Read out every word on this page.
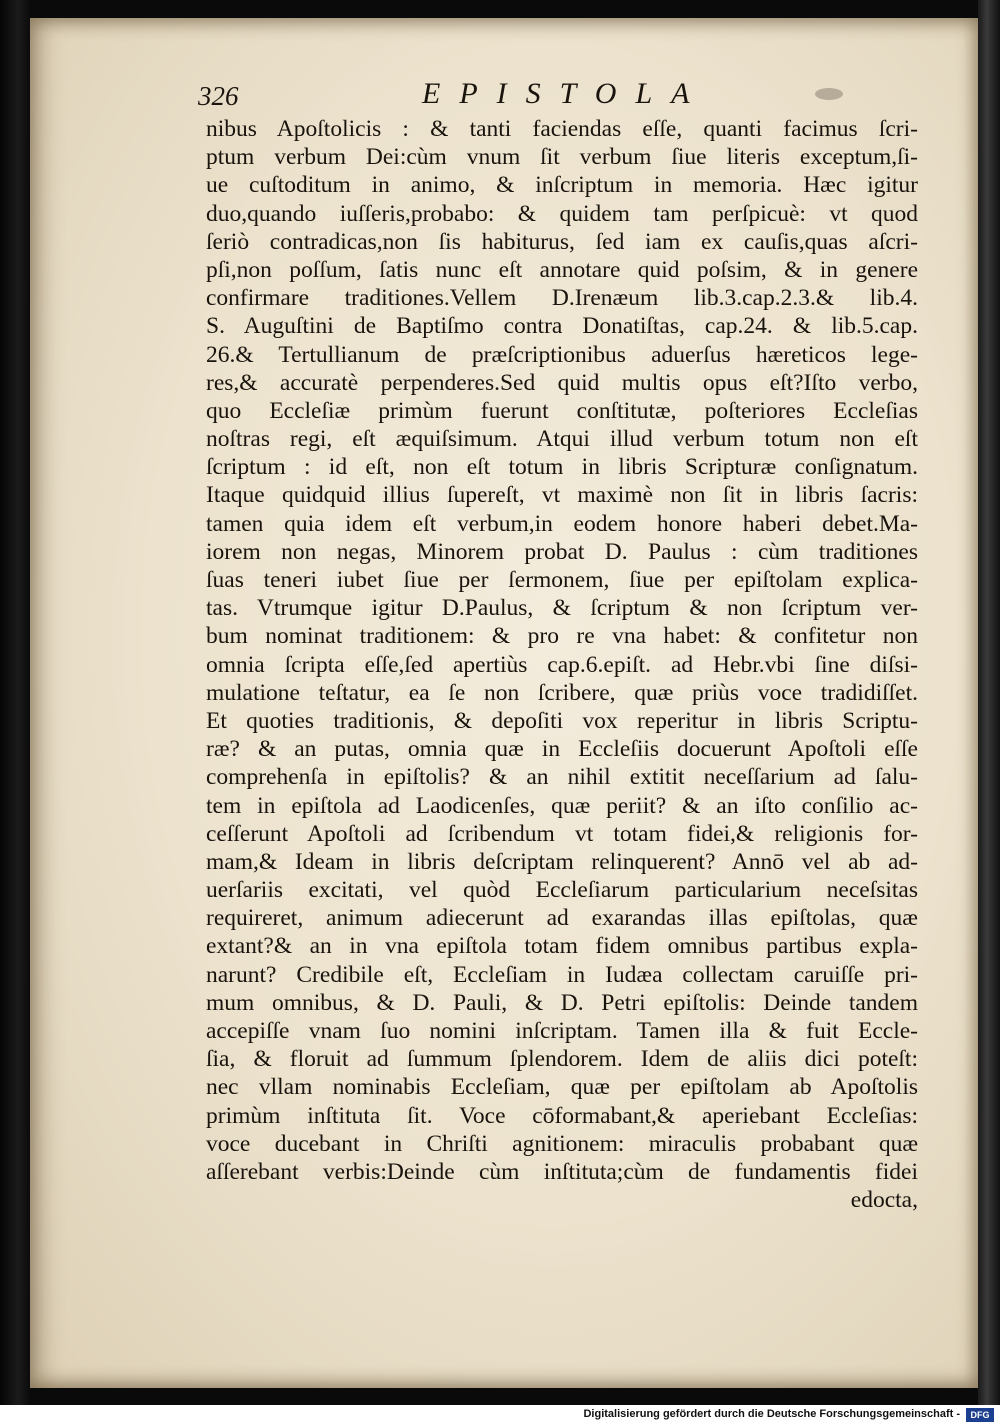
326	EPISTOLA
nibus Apoſtolicis : & tanti faciendas eſſe, quanti facimus ſcri-
ptum verbum Dei:cùm vnum ſit verbum ſiue literis exceptum,ſi-
ue cuſtoditum in animo, & inſcriptum in memoria. Hæc igitur
duo,quando iuſſeris,probabo: & quidem tam perſpicuè: vt quod
ſeriò contradicas,non ſis habiturus, ſed iam ex cauſis,quas aſcri-
pſi,non poſſum, ſatis nunc eſt annotare quid poſsim, & in genere
confirmare traditiones.Vellem D.Irenæum lib.3.cap.2.3.& lib.4.
S. Auguſtini de Baptiſmo contra Donatiſtas, cap.24. & lib.5.cap.
26.& Tertullianum de præſcriptionibus aduerſus hæreticos lege-
res,& accuratè perpenderes.Sed quid multis opus eſt?Iſto verbo,
quo Eccleſiæ primùm fuerunt conſtitutæ, poſteriores Eccleſias
noſtras regi, eſt æquiſsimum. Atqui illud verbum totum non eſt
ſcriptum : id eſt, non eſt totum in libris Scripturæ conſignatum.
Itaque quidquid illius ſupereſt, vt maximè non ſit in libris ſacris:
tamen quia idem eſt verbum,in eodem honore haberi debet.Ma-
iorem non negas, Minorem probat D. Paulus : cùm traditiones
ſuas teneri iubet ſiue per ſermonem, ſiue per epiſtolam explica-
tas. Vtrumque igitur D.Paulus, & ſcriptum & non ſcriptum ver-
bum nominat traditionem: & pro re vna habet: & confitetur non
omnia ſcripta eſſe,ſed apertiùs cap.6.epiſt. ad Hebr.vbi ſine diſsi-
mulatione teſtatur, ea ſe non ſcribere, quæ priùs voce tradidiſſet.
Et quoties traditionis, & depoſiti vox reperitur in libris Scriptu-
ræ? & an putas, omnia quæ in Eccleſiis docuerunt Apoſtoli eſſe
comprehenſa in epiſtolis? & an nihil extitit neceſſarium ad ſalu-
tem in epiſtola ad Laodicenſes, quæ periit? & an iſto conſilio ac-
ceſſerunt Apoſtoli ad ſcribendum vt totam fidei,& religionis for-
mam,& Ideam in libris deſcriptam relinquerent? Annō vel ab ad-
uerſariis excitati, vel quòd Eccleſiarum particularium neceſsitas
requireret, animum adiecerunt ad exarandas illas epiſtolas, quæ
extant?& an in vna epiſtola totam fidem omnibus partibus expla-
narunt? Credibile eſt, Eccleſiam in Iudæa collectam caruiſſe pri-
mum omnibus, & D. Pauli, & D. Petri epiſtolis: Deinde tandem
accepiſſe vnam ſuo nomini inſcriptam. Tamen illa & fuit Eccle-
ſia, & floruit ad ſummum ſplendorem. Idem de aliis dici poteſt:
nec vllam nominabis Eccleſiam, quæ per epiſtolam ab Apoſtolis
primùm inſtituta ſit. Voce cōformabant,& aperiebant Eccleſias:
voce ducebant in Chriſti agnitionem: miraculis probabant quæ
aſſerebant verbis:Deinde cùm inſtituta;cùm de fundamentis fidei
edocta,
Digitalisierung gefördert durch die Deutsche Forschungsgemeinschaft -	DFG
